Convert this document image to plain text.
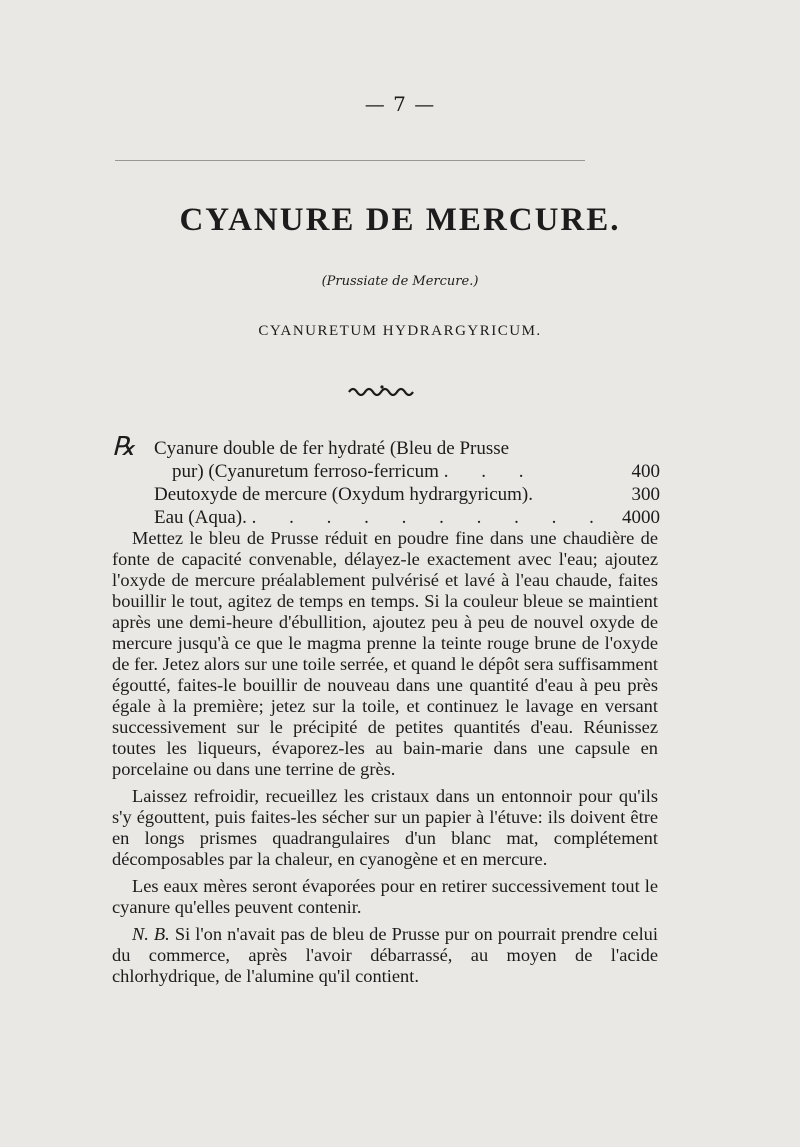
— 7 —
CYANURE DE MERCURE.
(Prussiate de Mercure.)
CYANURETUM HYDRARGYRICUM.
℞ Cyanure double de fer hydraté (Bleu de Prusse
pur) (Cyanuretum ferroso-ferricum . . .	400
Deutoxyde de mercure (Oxydum hydrargyricum).	300
Eau (Aqua). . . . . . . . . . . 4000

Mettez le bleu de Prusse réduit en poudre fine dans une chaudière de fonte de capacité convenable, délayez-le exactement avec l'eau; ajoutez l'oxyde de mercure préalablement pulvérisé et lavé à l'eau chaude, faites bouillir le tout, agitez de temps en temps. Si la couleur bleue se maintient après une demi-heure d'ébullition, ajoutez peu à peu de nouvel oxyde de mercure jusqu'à ce que le magma prenne la teinte rouge brune de l'oxyde de fer. Jetez alors sur une toile serrée, et quand le dépôt sera suffisamment égoutté, faites-le bouillir de nouveau dans une quantité d'eau à peu près égale à la première; jetez sur la toile, et continuez le lavage en versant successivement sur le précipité de petites quantités d'eau. Réunissez toutes les liqueurs, évaporez-les au bain-marie dans une capsule en porcelaine ou dans une terrine de grès.

Laissez refroidir, recueillez les cristaux dans un entonnoir pour qu'ils s'y égouttent, puis faites-les sécher sur un papier à l'étuve: ils doivent être en longs prismes quadrangulaires d'un blanc mat, complétement décomposables par la chaleur, en cyanogène et en mercure.

Les eaux mères seront évaporées pour en retirer successivement tout le cyanure qu'elles peuvent contenir.

N. B. Si l'on n'avait pas de bleu de Prusse pur on pourrait prendre celui du commerce, après l'avoir débarrassé, au moyen de l'acide chlorhydrique, de l'alumine qu'il contient.
